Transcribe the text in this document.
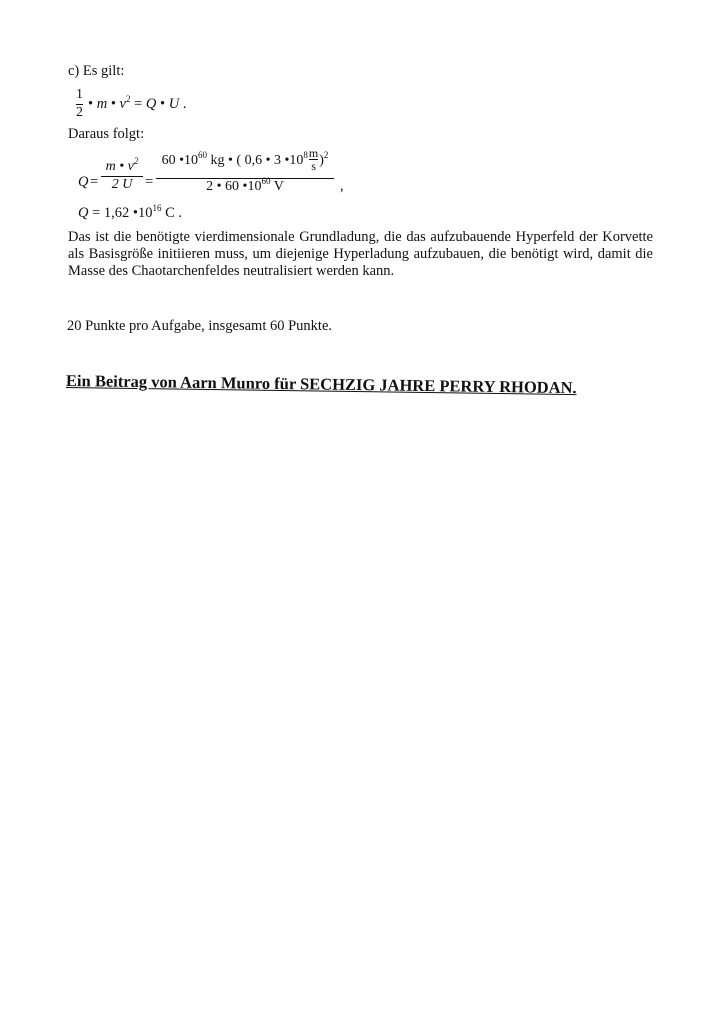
c) Es gilt:
1
2
• m • $v^2 = Q$ • U .
Daraus folgt:
Q =
m • $v^2$
2 U =
60 $•10^{60}$ kg • ( 0,6 • 3 $•10^8 \frac{m}{s} )^2$
2 • 60 $•10^{60}$ V	,
Q = 1,62 $•10^{16}$ C .
Das ist die benötigte vierdimensionale Grundladung, die das aufzubauende Hyperfeld der Korvette als Basisgröße initiieren muss, um diejenige Hyperladung aufzubauen, die benötigt wird, damit die Masse des Chaotarchenfeldes neutralisiert werden kann.
20 Punkte pro Aufgabe, insgesamt 60 Punkte.
Ein Beitrag von Aarn Munro für SECHZIG JAHRE PERRY RHODAN.
